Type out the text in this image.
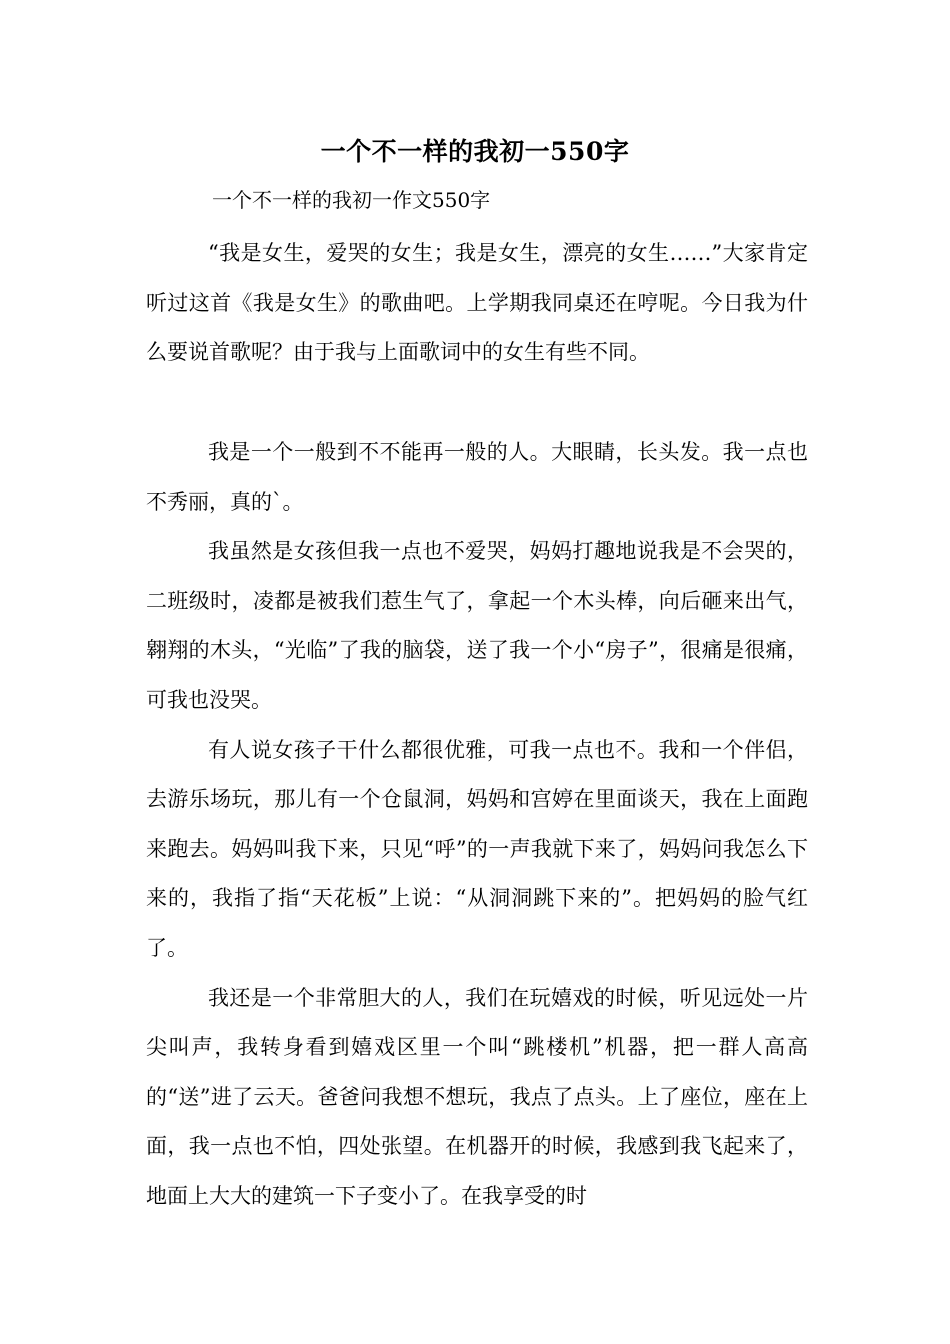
一个不一样的我初一550字
一个不一样的我初一作文550字

“我是女生，爱哭的女生；我是女生，漂亮的女生……”大家肯定听过这首《我是女生》的歌曲吧。上学期我同桌还在哼呢。今日我为什么要说首歌呢？由于我与上面歌词中的女生有些不同。

我是一个一般到不不能再一般的人。大眼睛，长头发。我一点也不秀丽，真的`。

我虽然是女孩但我一点也不爱哭，妈妈打趣地说我是不会哭的，二班级时，凌都是被我们惹生气了，拿起一个木头棒，向后砸来出气，翱翔的木头，“光临”了我的脑袋，送了我一个小“房子”，很痛是很痛，可我也没哭。

有人说女孩子干什么都很优雅，可我一点也不。我和一个伴侣，去游乐场玩，那儿有一个仓鼠洞，妈妈和宫婷在里面谈天，我在上面跑来跑去。妈妈叫我下来，只见“呼”的一声我就下来了，妈妈问我怎么下来的，我指了指“天花板”上说：“从洞洞跳下来的”。把妈妈的脸气红了。

我还是一个非常胆大的人，我们在玩嬉戏的时候，听见远处一片尖叫声，我转身看到嬉戏区里一个叫“跳楼机”机器，把一群人高高的“送”进了云天。爸爸问我想不想玩，我点了点头。上了座位，座在上面，我一点也不怕，四处张望。在机器开的时候，我感到我飞起来了，地面上大大的建筑一下子变小了。在我享受的时
